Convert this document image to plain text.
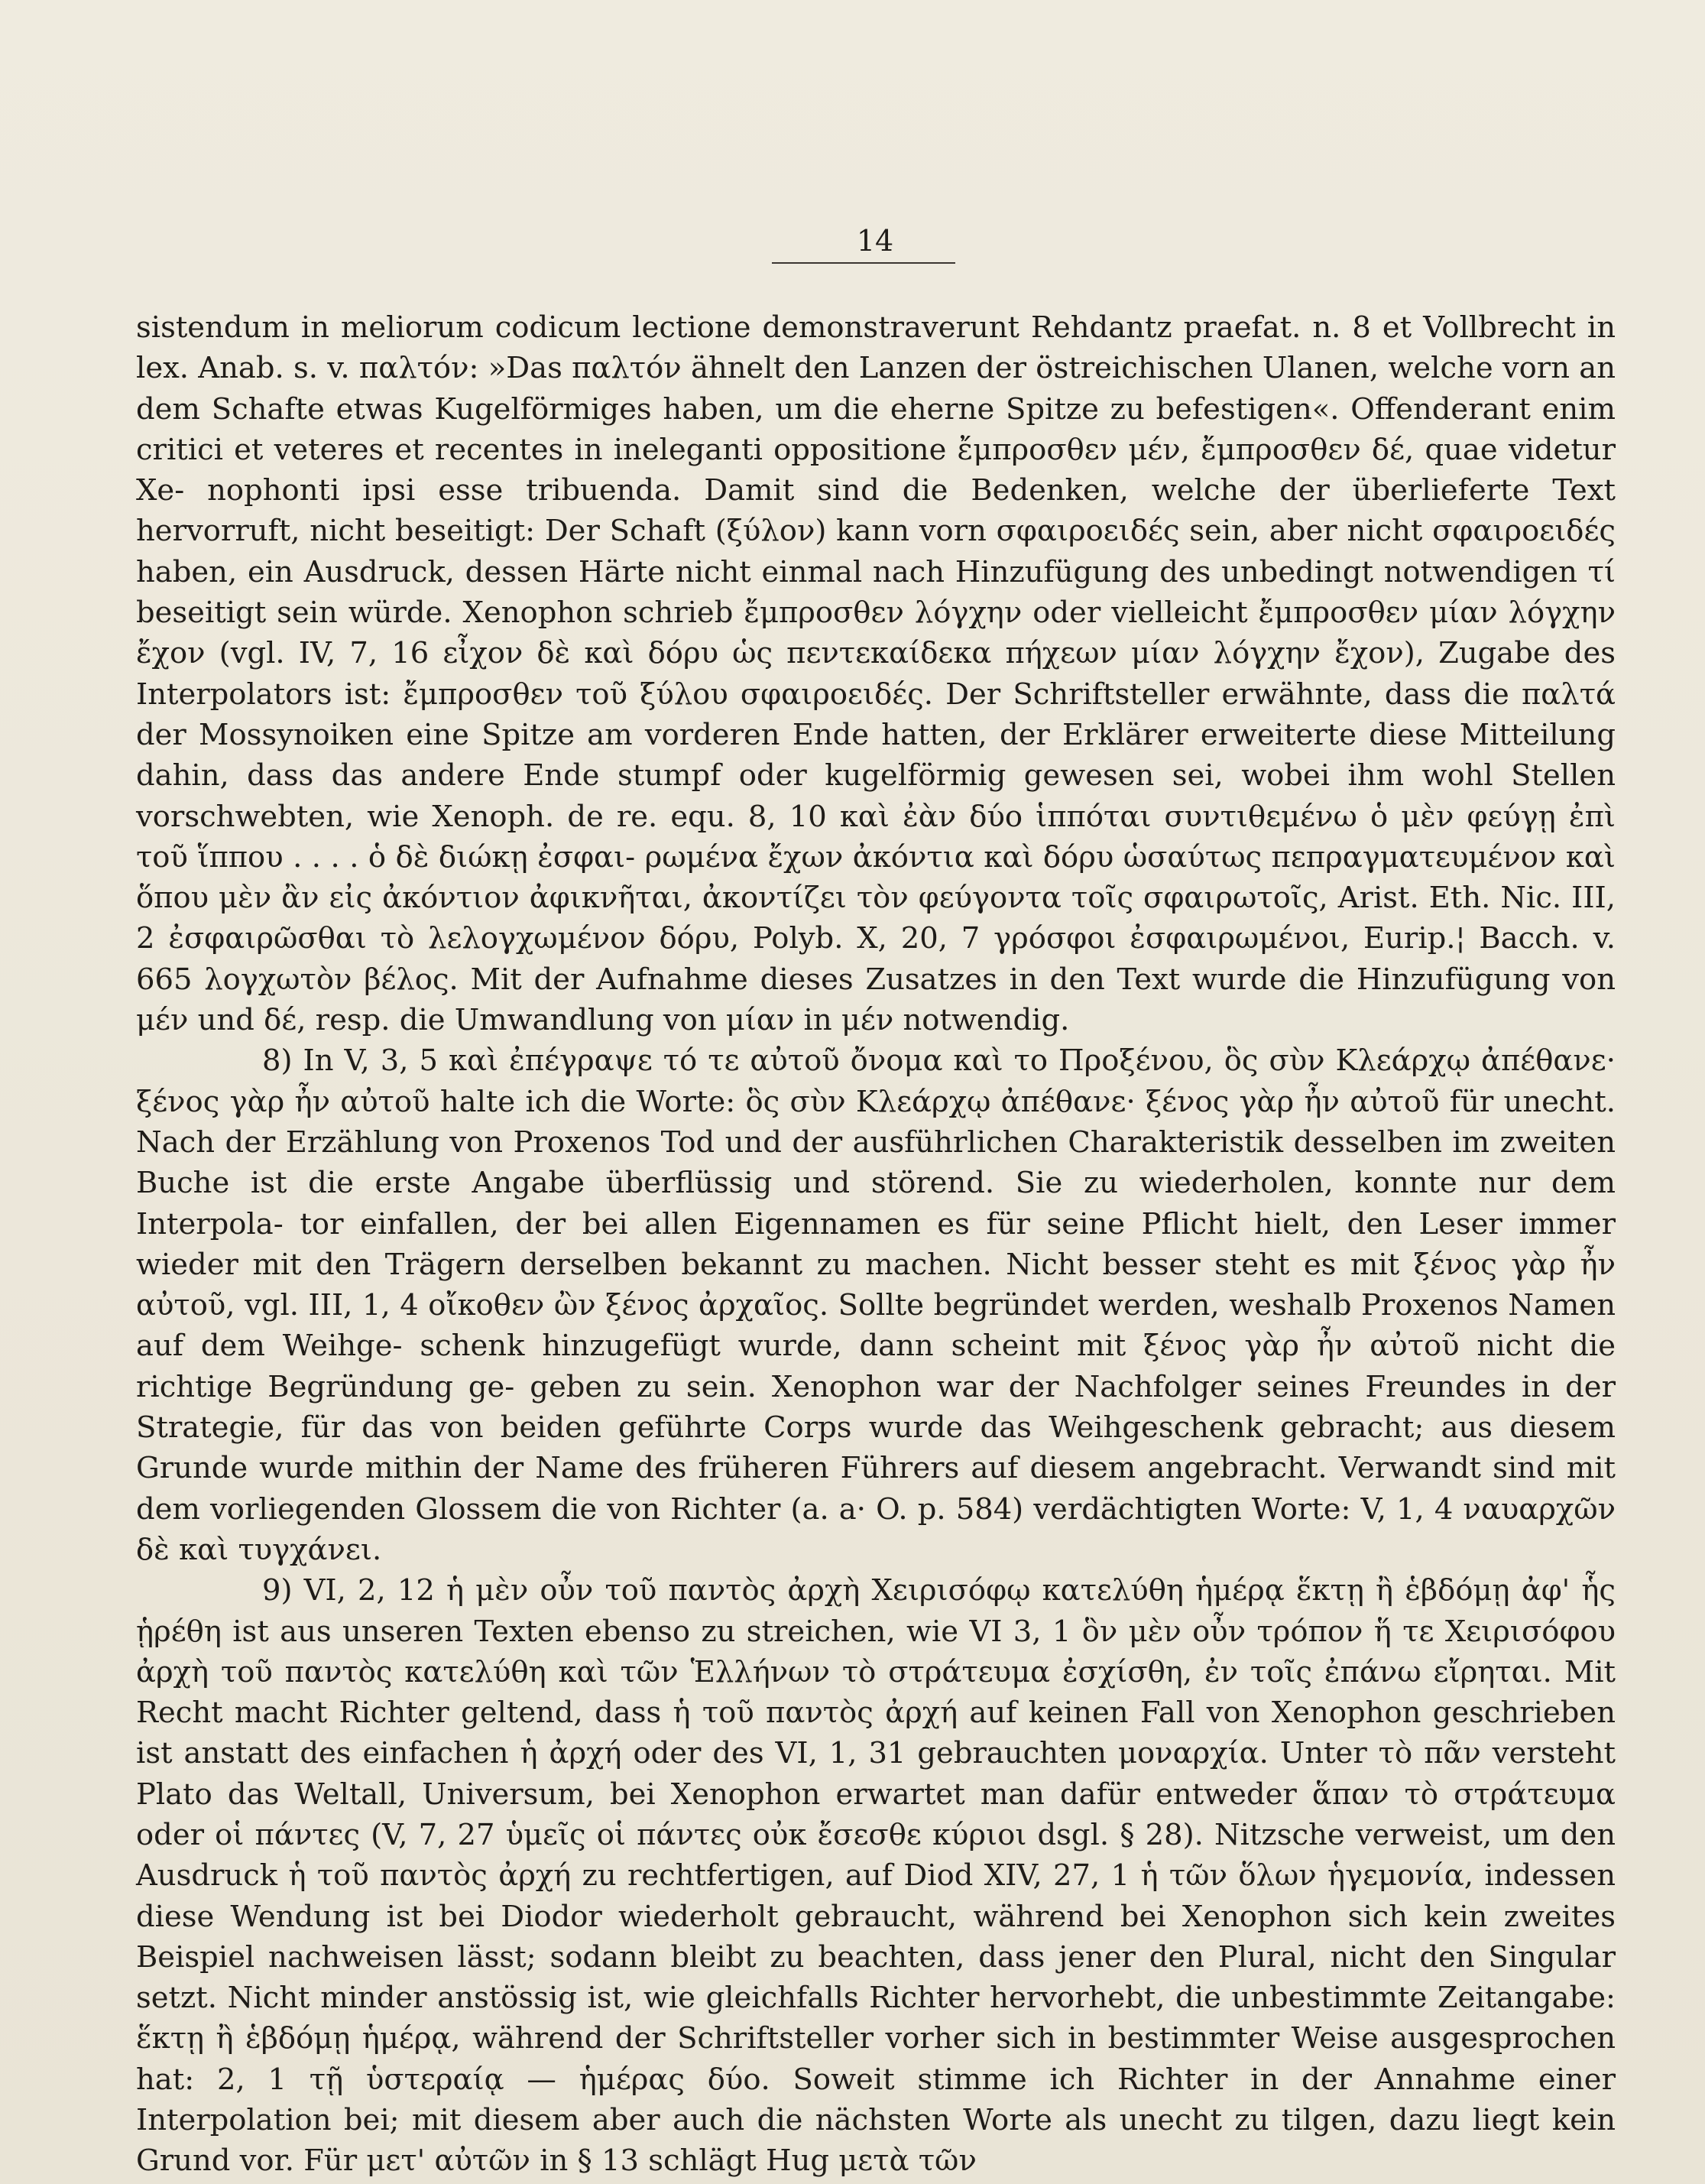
14

sistendum in meliorum codicum lectione demonstraverunt Rehdantz praefat. n. 8 et Vollbrecht in lex. Anab. s. v. παλτόν: »Das παλτόν ähnelt den Lanzen der östreichischen Ulanen, welche vorn an dem Schafte etwas Kugelförmiges haben, um die eherne Spitze zu befestigen«. Offenderant enim critici et veteres et recentes in ineleganti oppositione ἔμπροσθεν μέν, ἔμπροσθεν δέ, quae videtur Xe- nophonti ipsi esse tribuenda. Damit sind die Bedenken, welche der überlieferte Text hervorruft, nicht beseitigt: Der Schaft (ξύλον) kann vorn σφαιροειδές sein, aber nicht σφαιροειδές haben, ein Ausdruck, dessen Härte nicht einmal nach Hinzufügung des unbedingt notwendigen τί beseitigt sein würde. Xenophon schrieb ἔμπροσθεν λόγχην oder vielleicht ἔμπροσθεν μίαν λόγχην ἔχον (vgl. IV, 7, 16 εἶχον δὲ καὶ δόρυ ὡς πεντεκαίδεκα πήχεων μίαν λόγχην ἔχον), Zugabe des Interpolators ist: ἔμπροσθεν τοῦ ξύλου σφαιροειδές. Der Schriftsteller erwähnte, dass die παλτά der Mossynoiken eine Spitze am vorderen Ende hatten, der Erklärer erweiterte diese Mitteilung dahin, dass das andere Ende stumpf oder kugelförmig gewesen sei, wobei ihm wohl Stellen vorschwebten, wie Xenoph. de re. equ. 8, 10 καὶ ἐὰν δύο ἱππόται συντιθεμένω ὁ μὲν φεύγῃ ἐπὶ τοῦ ἵππου . . . . ὁ δὲ διώκῃ ἐσφαι- ρωμένα ἔχων ἀκόντια καὶ δόρυ ὡσαύτως πεπραγματευμένον καὶ ὅπου μὲν ἂν εἰς ἀκόντιον ἀφικνῆται, ἀκοντίζει τὸν φεύγοντα τοῖς σφαιρωτοῖς, Arist. Eth. Nic. III, 2 ἐσφαιρῶσθαι τὸ λελογχωμένον δόρυ, Polyb. X, 20, 7 γρόσφοι ἐσφαιρωμένοι, Eurip.¦ Bacch. v. 665 λογχωτὸν βέλος. Mit der Aufnahme dieses Zusatzes in den Text wurde die Hinzufügung von μέν und δέ, resp. die Umwandlung von μίαν in μέν notwendig.

8) In V, 3, 5 καὶ ἐπέγραψε τό τε αὐτοῦ ὄνομα καὶ το Προξένου, ὃς σὺν Κλεάρχῳ ἀπέθανε· ξένος γὰρ ἦν αὐτοῦ halte ich die Worte: ὃς σὺν Κλεάρχῳ ἀπέθανε· ξένος γὰρ ἦν αὐτοῦ für unecht. Nach der Erzählung von Proxenos Tod und der ausführlichen Charakteristik desselben im zweiten Buche ist die erste Angabe überflüssig und störend. Sie zu wiederholen, konnte nur dem Interpola- tor einfallen, der bei allen Eigennamen es für seine Pflicht hielt, den Leser immer wieder mit den Trägern derselben bekannt zu machen. Nicht besser steht es mit ξένος γὰρ ἦν αὐτοῦ, vgl. III, 1, 4 οἴκοθεν ὢν ξένος ἀρχαῖος. Sollte begründet werden, weshalb Proxenos Namen auf dem Weihge- schenk hinzugefügt wurde, dann scheint mit ξένος γὰρ ἦν αὐτοῦ nicht die richtige Begründung ge- geben zu sein. Xenophon war der Nachfolger seines Freundes in der Strategie, für das von beiden geführte Corps wurde das Weihgeschenk gebracht; aus diesem Grunde wurde mithin der Name des früheren Führers auf diesem angebracht. Verwandt sind mit dem vorliegenden Glossem die von Richter (a. a· O. p. 584) verdächtigten Worte: V, 1, 4 ναυαρχῶν δὲ καὶ τυγχάνει.

9) VI, 2, 12 ἡ μὲν οὖν τοῦ παντὸς ἀρχὴ Χειρισόφῳ κατελύθη ἡμέρᾳ ἕκτῃ ἢ ἑβδόμῃ ἀφ' ἧς ᾑρέθη ist aus unseren Texten ebenso zu streichen, wie VI 3, 1 ὃν μὲν οὖν τρόπον ἥ τε Χειρισόφου ἀρχὴ τοῦ παντὸς κατελύθη καὶ τῶν Ἑλλήνων τὸ στράτευμα ἐσχίσθη, ἐν τοῖς ἐπάνω εἴρηται. Mit Recht macht Richter geltend, dass ἡ τοῦ παντὸς ἀρχή auf keinen Fall von Xenophon geschrieben ist anstatt des einfachen ἡ ἀρχή oder des VI, 1, 31 gebrauchten μοναρχία. Unter τὸ πᾶν versteht Plato das Weltall, Universum, bei Xenophon erwartet man dafür entweder ἅπαν τὸ στράτευμα oder οἱ πάντες (V, 7, 27 ὑμεῖς οἱ πάντες οὐκ ἔσεσθε κύριοι dsgl. § 28). Nitzsche verweist, um den Ausdruck ἡ τοῦ παντὸς ἀρχή zu rechtfertigen, auf Diod XIV, 27, 1 ἡ τῶν ὅλων ἡγεμονία, indessen diese Wendung ist bei Diodor wiederholt gebraucht, während bei Xenophon sich kein zweites Beispiel nachweisen lässt; sodann bleibt zu beachten, dass jener den Plural, nicht den Singular setzt. Nicht minder anstössig ist, wie gleichfalls Richter hervorhebt, die unbestimmte Zeitangabe: ἕκτῃ ἢ ἑβδόμῃ ἡμέρᾳ, während der Schriftsteller vorher sich in bestimmter Weise ausgesprochen hat: 2, 1 τῇ ὑστεραίᾳ — ἡμέρας δύο. Soweit stimme ich Richter in der Annahme einer Interpolation bei; mit diesem aber auch die nächsten Worte als unecht zu tilgen, dazu liegt kein Grund vor. Für μετ' αὐτῶν in § 13 schlägt Hug μετὰ τῶν
